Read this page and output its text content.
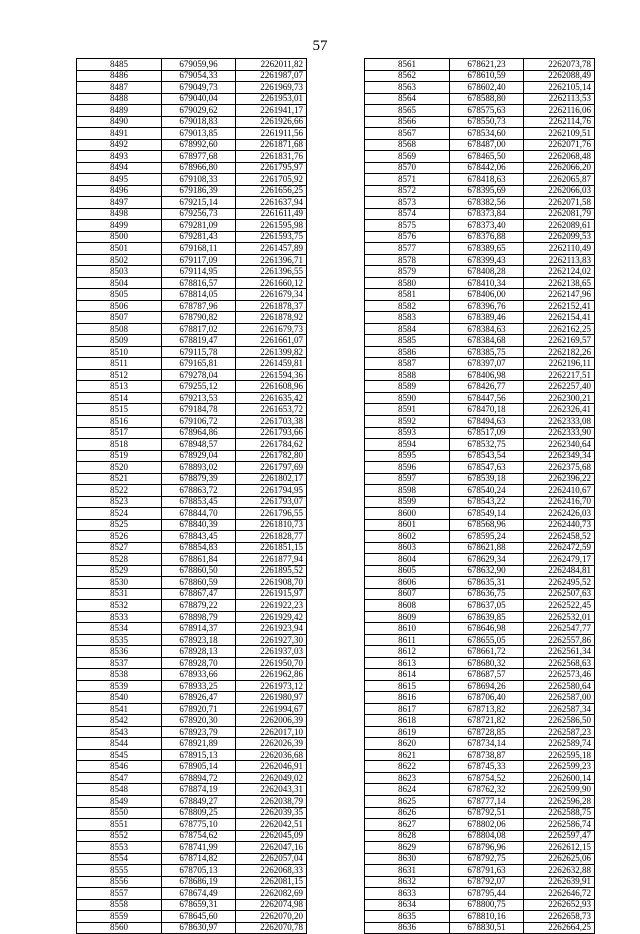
57
8485	679059,96	2262011,82
8486	679054,33	2261987,07
8487	679049,73	2261969,73
8488	679040,04	2261953,01
8489	679029,62	2261941,17
8490	679018,83	2261926,66
8491	679013,85	2261911,56
8492	678992,60	2261871,68
8493	678977,68	2261831,76
8494	678966,80	2261795,97
8495	679108,33	2261705,92
8496	679186,39	2261656,25
8497	679215,14	2261637,94
8498	679256,73	2261611,49
8499	679281,09	2261595,98
8500	679281,43	2261593,75
8501	679168,11	2261457,89
8502	679117,09	2261396,71
8503	679114,95	2261396,55
8504	678816,57	2261660,12
8505	678814,05	2261679,34
8506	678787,96	2261878,37
8507	678790,82	2261878,92
8508	678817,02	2261679,73
8509	678819,47	2261661,07
8510	679115,78	2261399,82
8511	679165,81	2261459,81
8512	679278,04	2261594,36
8513	679255,12	2261608,96
8514	679213,53	2261635,42
8515	679184,78	2261653,72
8516	679106,72	2261703,38
8517	678964,86	2261793,66
8518	678948,57	2261784,62
8519	678929,04	2261782,80
8520	678893,02	2261797,69
8521	678879,39	2261802,17
8522	678863,72	2261794,95
8523	678853,45	2261793,07
8524	678844,70	2261796,55
8525	678840,39	2261810,73
8526	678843,45	2261828,77
8527	678854,83	2261851,15
8528	678861,84	2261877,94
8529	678860,50	2261895,52
8530	678860,59	2261908,70
8531	678867,47	2261915,97
8532	678879,22	2261922,23
8533	678898,79	2261929,42
8534	678914,37	2261923,94
8535	678923,18	2261927,30
8536	678928,13	2261937,03
8537	678928,70	2261950,70
8538	678933,66	2261962,86
8539	678933,25	2261973,12
8540	678926,47	2261980,97
8541	678920,71	2261994,67
8542	678920,30	2262006,39
8543	678923,79	2262017,10
8544	678921,89	2262026,39
8545	678915,13	2262036,68
8546	678905,14	2262046,91
8547	678894,72	2262049,02
8548	678874,19	2262043,31
8549	678849,27	2262038,79
8550	678809,25	2262039,35
8551	678775,10	2262042,51
8552	678754,62	2262045,09
8553	678741,99	2262047,16
8554	678714,82	2262057,04
8555	678705,13	2262068,33
8556	678686,19	2262081,15
8557	678674,49	2262082,69
8558	678659,31	2262074,98
8559	678645,60	2262070,20
8560	678630,97	2262070,78
8561	678621,23	2262073,78
8562	678610,59	2262088,49
8563	678602,40	2262105,14
8564	678588,80	2262113,53
8565	678575,63	2262116,06
8566	678550,73	2262114,76
8567	678534,60	2262109,51
8568	678487,00	2262071,76
8569	678465,50	2262068,48
8570	678442,06	2262066,20
8571	678418,63	2262065,87
8572	678395,69	2262066,03
8573	678382,56	2262071,58
8574	678373,84	2262081,79
8575	678373,40	2262089,61
8576	678376,88	2262099,53
8577	678389,65	2262110,49
8578	678399,43	2262113,83
8579	678408,28	2262124,02
8580	678410,34	2262138,65
8581	678406,00	2262147,96
8582	678396,76	2262152,41
8583	678389,46	2262154,41
8584	678384,63	2262162,25
8585	678384,68	2262169,57
8586	678385,75	2262182,26
8587	678397,07	2262196,11
8588	678406,98	2262217,51
8589	678426,77	2262257,40
8590	678447,56	2262300,21
8591	678470,18	2262326,41
8592	678494,63	2262333,08
8593	678517,09	2262333,90
8594	678532,75	2262340,64
8595	678543,54	2262349,34
8596	678547,63	2262375,68
8597	678539,18	2262396,22
8598	678540,24	2262410,67
8599	678543,22	2262416,70
8600	678549,14	2262426,03
8601	678568,96	2262440,73
8602	678595,24	2262458,52
8603	678621,88	2262472,59
8604	678629,34	2262479,17
8605	678632,90	2262484,81
8606	678635,31	2262495,52
8607	678636,75	2262507,63
8608	678637,05	2262522,45
8609	678639,85	2262532,01
8610	678646,98	2262547,77
8611	678655,05	2262557,86
8612	678661,72	2262561,34
8613	678680,32	2262568,63
8614	678687,57	2262573,46
8615	678694,26	2262580,64
8616	678706,40	2262587,00
8617	678713,82	2262587,34
8618	678721,82	2262586,50
8619	678728,85	2262587,23
8620	678734,14	2262589,74
8621	678738,87	2262595,18
8622	678745,33	2262599,23
8623	678754,52	2262600,14
8624	678762,32	2262599,90
8625	678777,14	2262596,28
8626	678792,51	2262588,75
8627	678802,06	2262586,74
8628	678804,08	2262597,47
8629	678796,96	2262612,15
8630	678792,75	2262625,06
8631	678791,63	2262632,88
8632	678792,07	2262639,91
8633	678795,44	2262646,72
8634	678800,75	2262652,93
8635	678810,16	2262658,73
8636	678830,51	2262664,25
